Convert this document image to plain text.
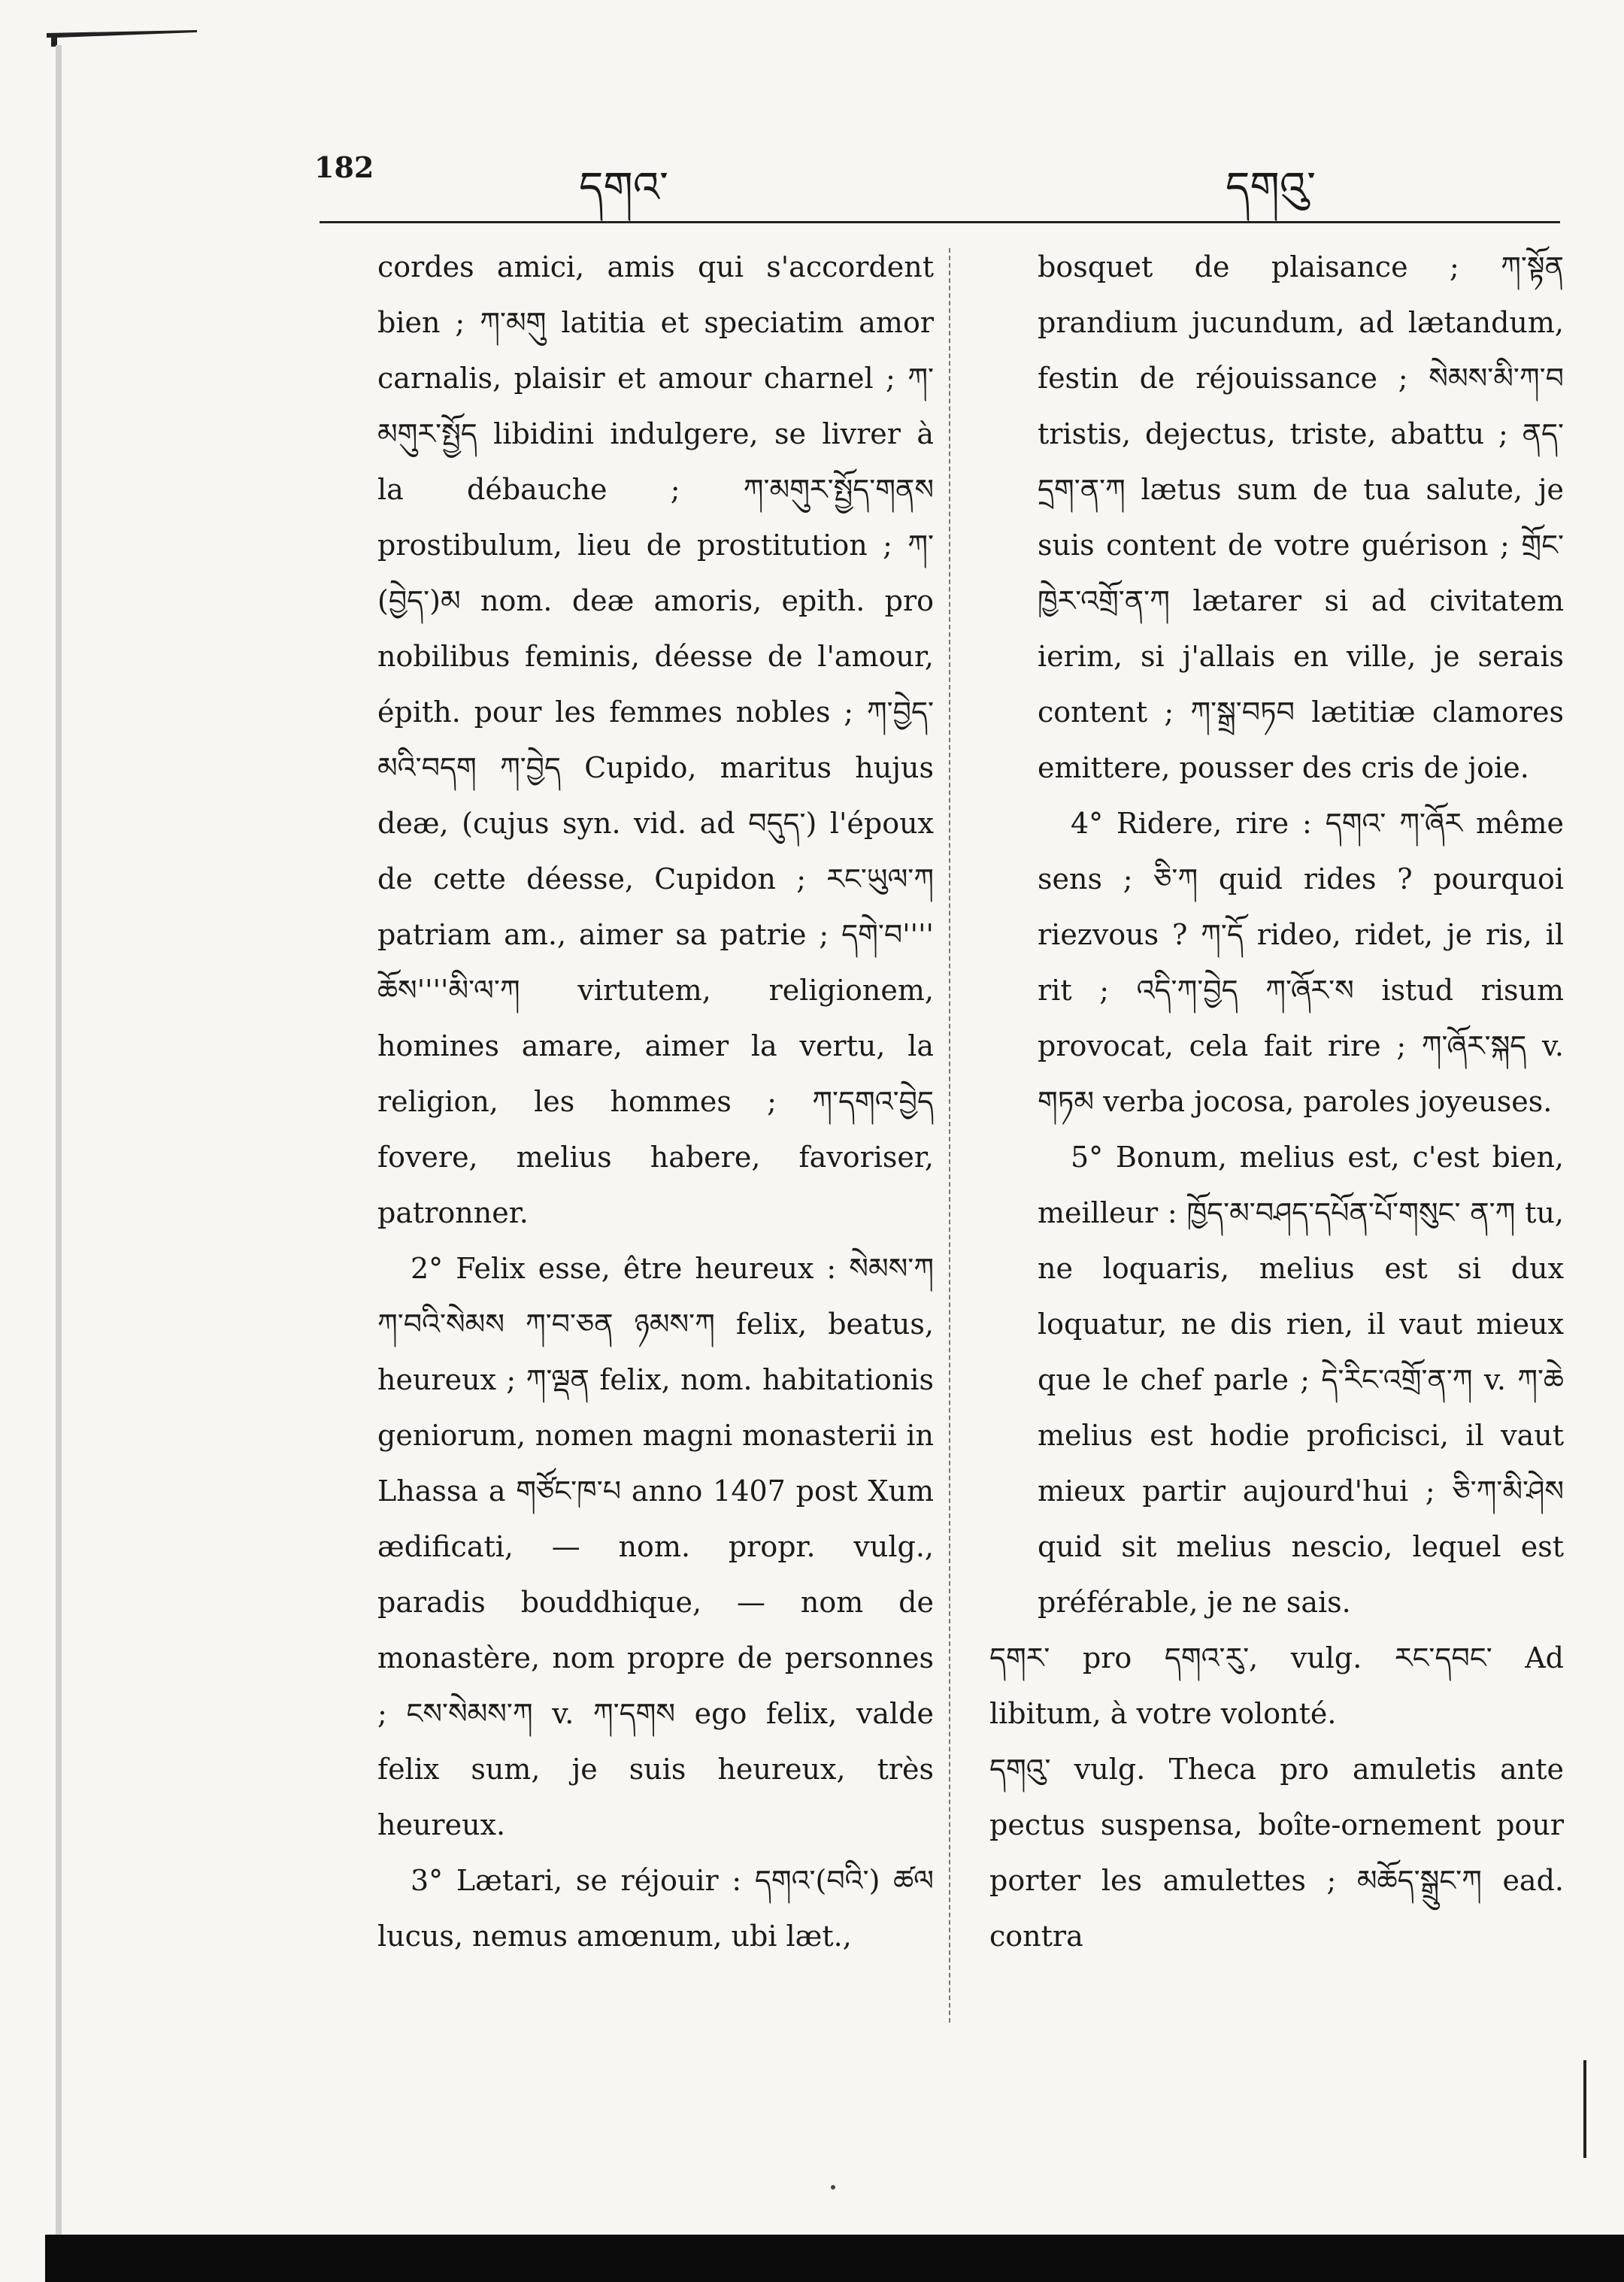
182	དགའ་	དགའུ་

cordes amici, amis qui s'accordent bien ; ཀ་མགུ latitia et speciatim amor carnalis, plaisir et amour charnel ; ཀ་མགུར་སྤྱོད libidini indulgere, se livrer à la débauche ; ཀ་མགུར་སྤྱོད་གནས prostibulum, lieu de prostitution ; ཀ་ (བྱེད་)མ nom. deæ amoris, epith. pro nobilibus feminis, déesse de l'amour, épith. pour les femmes nobles ; ཀ་བྱེད་ མའི་བདག ཀ་བྱེད Cupido, maritus hujus deæ, (cujus syn. vid. ad བདུད་) l'époux de cette déesse, Cupidon ; རང་ཡུལ་ཀ patriam am., aimer sa patrie ; དགེ་བ'''' ཆོས''''མི་ལ་ཀ virtutem, religionem, homines amare, aimer la vertu, la religion, les hommes ; ཀ་དགའ་བྱེད fovere, melius habere, favoriser, patronner.

2° Felix esse, être heureux : སེམས་ཀ ཀ་བའི་སེམས ཀ་བ་ཅན ཉམས་ཀ felix, beatus, heureux ; ཀ་ལྡན felix, nom. habitationis geniorum, nomen magni monasterii in Lhassa a གཙོང་ཁ་པ anno 1407 post Xum ædificati, — nom. propr. vulg., paradis bouddhique, — nom de monastère, nom propre de personnes ; ངས་སེམས་ཀ v. ཀ་དགས ego felix, valde felix sum, je suis heureux, très heureux.

3° Lætari, se réjouir : དགའ་(བའི་) ཚལ lucus, nemus amœnum, ubi læt.,

bosquet de plaisance ; ཀ་སྟོན prandium jucundum, ad lætandum, festin de réjouissance ; སེམས་མི་ཀ་བ tristis, dejectus, triste, abattu ; ནད་དྲག་ན་ཀ lætus sum de tua salute, je suis content de votre guérison ; གྲོང་ཁྱེར་འགྲོ་ན་ཀ lætarer si ad civitatem ierim, si j'allais en ville, je serais content ; ཀ་སྒྲ་བཏབ lætitiæ clamores emittere, pousser des cris de joie.

4° Ridere, rire : དགའ་ ཀ་ཞོར même sens ; ཅི་ཀ quid rides ? pourquoi riezvous ? ཀ་དོ rideo, ridet, je ris, il rit ; འདི་ཀ་བྱེད ཀ་ཞོར་ས istud risum provocat, cela fait rire ; ཀ་ཞོར་སྐད v. གཏམ verba jocosa, paroles joyeuses.

5° Bonum, melius est, c'est bien, meilleur : ཁྱོད་མ་བཤད་དཔོན་པོ་གསུང་ ན་ཀ tu, ne loquaris, melius est si dux loquatur, ne dis rien, il vaut mieux que le chef parle ; དེ་རིང་འགྲོ་ན་ཀ v. ཀ་ཆེ melius est hodie proficisci, il vaut mieux partir aujourd'hui ; ཅི་ཀ་མི་ཤེས quid sit melius nescio, lequel est préférable, je ne sais.

དགར་ pro དགའ་རུ་, vulg. རང་དབང་ Ad libitum, à votre volonté.

དགའུ་ vulg. Theca pro amuletis ante pectus suspensa, boîte-ornement pour porter les amulettes ; མཆོད་སྒྲུང་ཀ ead. contra
